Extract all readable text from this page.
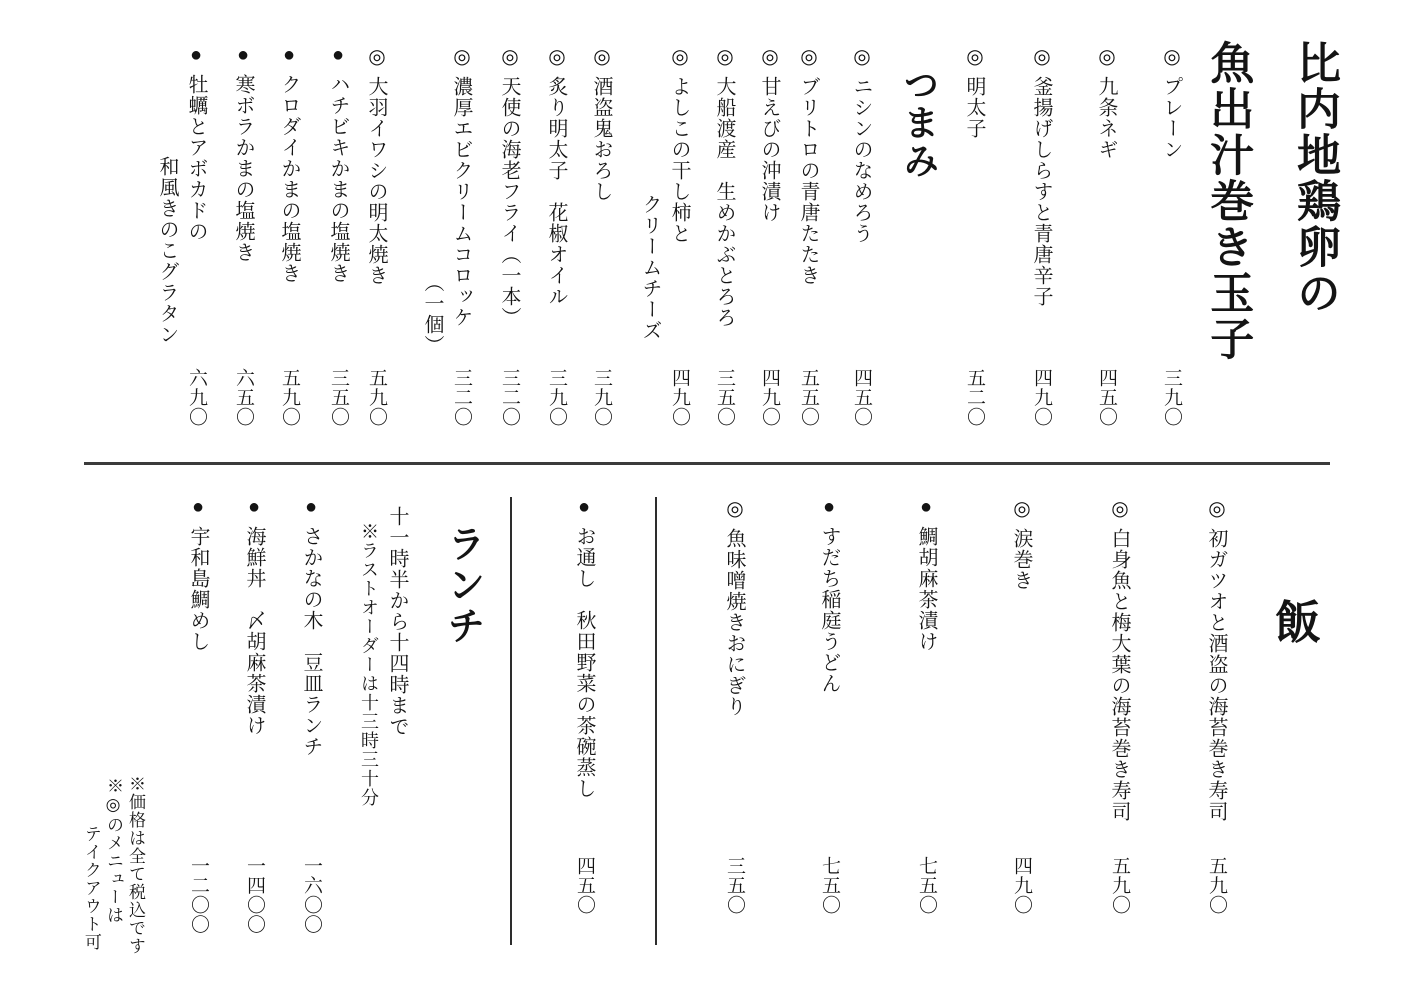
比内地鶏卵の
魚出汁巻き玉子
◎プレーン
三九〇
◎九条ネギ
四五〇
◎釜揚げしらすと青唐辛子
四九〇
◎明太子
五二〇
つまみ
◎ニシンのなめろう
四五〇
◎ブリトロの青唐たたき
五五〇
◎甘えびの沖漬け
四九〇
◎大船渡産　生めかぶとろろ
三五〇
◎よしこの干し柿と
クリームチーズ
四九〇
◎酒盗鬼おろし
三九〇
◎炙り明太子　花椒オイル
三九〇
◎天使の海老フライ（一本）
三二〇
◎濃厚エビクリームコロッケ
（一個）
三二〇
◎大羽イワシの明太焼き
五九〇
●ハチビキかまの塩焼き
三五〇
●クロダイかまの塩焼き
五九〇
●寒ボラかまの塩焼き
六五〇
●牡蠣とアボカドの
和風きのこグラタン
六九〇
飯
◎初ガツオと酒盗の海苔巻き寿司
五九〇
◎白身魚と梅大葉の海苔巻き寿司
五九〇
◎涙巻き
四九〇
●鯛胡麻茶漬け
七五〇
●すだち稲庭うどん
七五〇
◎魚味噌焼きおにぎり
三五〇
●お通し　秋田野菜の茶碗蒸し
四五〇
ランチ
十一時半から十四時まで
※ラストオーダーは十三時三十分
●さかなの木　豆皿ランチ
一六〇〇
●海鮮丼　〆胡麻茶漬け
一四〇〇
●宇和島鯛めし
一二〇〇
※価格は全て税込です
※◎のメニューは
テイクアウト可
